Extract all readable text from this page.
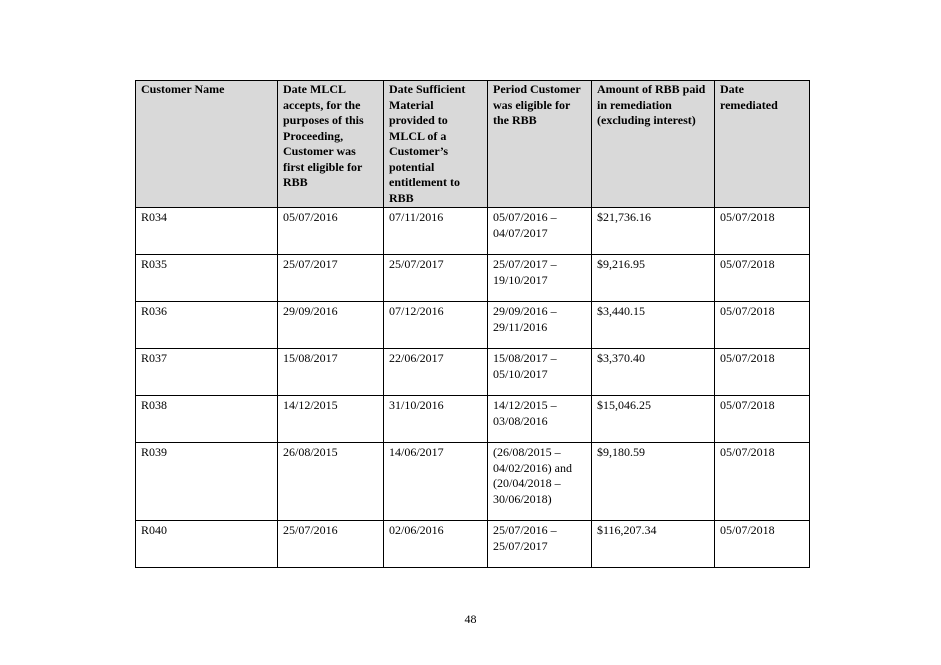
Customer Name	Date MLCL accepts, for the purposes of this Proceeding, Customer was first eligible for RBB	Date Sufficient Material provided to MLCL of a Customer’s potential entitlement to RBB	Period Customer was eligible for the RBB	Amount of RBB paid in remediation (excluding interest)	Date remediated
R034	05/07/2016	07/11/2016	05/07/2016 – 04/07/2017	$21,736.16	05/07/2018
R035	25/07/2017	25/07/2017	25/07/2017 – 19/10/2017	$9,216.95	05/07/2018
R036	29/09/2016	07/12/2016	29/09/2016 – 29/11/2016	$3,440.15	05/07/2018
R037	15/08/2017	22/06/2017	15/08/2017 – 05/10/2017	$3,370.40	05/07/2018
R038	14/12/2015	31/10/2016	14/12/2015 – 03/08/2016	$15,046.25	05/07/2018
R039	26/08/2015	14/06/2017	(26/08/2015 – 04/02/2016) and (20/04/2018 – 30/06/2018)	$9,180.59	05/07/2018
R040	25/07/2016	02/06/2016	25/07/2016 – 25/07/2017	$116,207.34	05/07/2018
48
